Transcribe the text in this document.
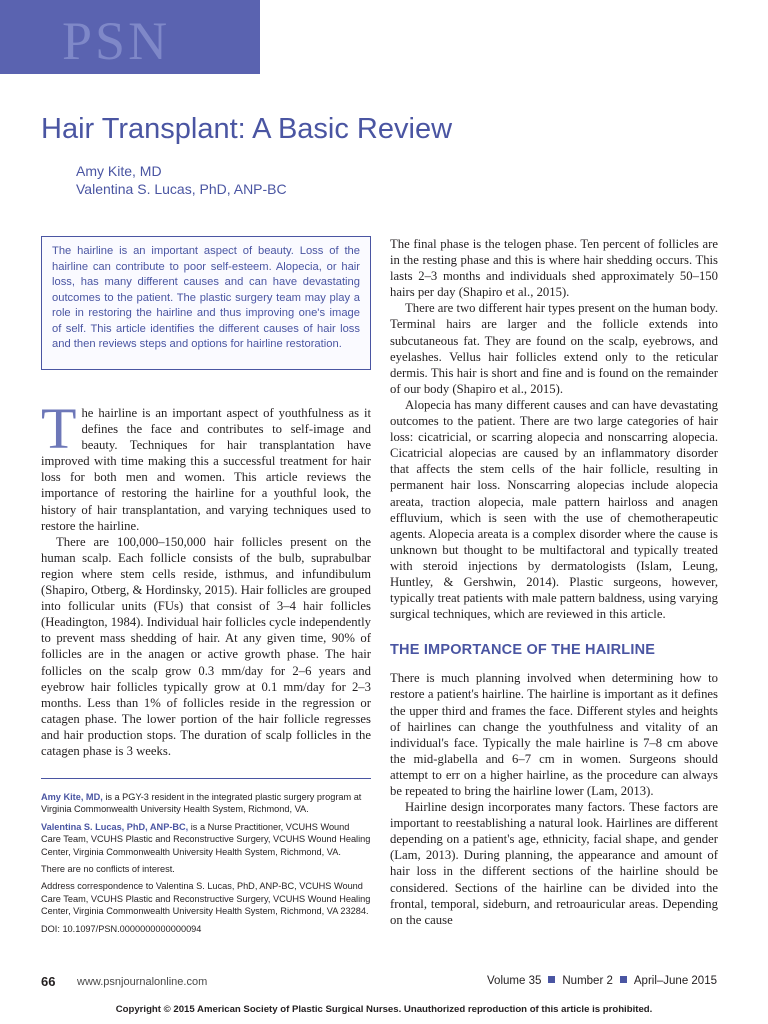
PSN
Hair Transplant: A Basic Review
Amy Kite, MD
Valentina S. Lucas, PhD, ANP-BC
The hairline is an important aspect of beauty. Loss of the hairline can contribute to poor self-esteem. Alopecia, or hair loss, has many different causes and can have devastating outcomes to the patient. The plastic surgery team may play a role in restoring the hairline and thus improving one's image of self. This article identifies the different causes of hair loss and then reviews steps and options for hairline restoration.

The hairline is an important aspect of youthfulness as it defines the face and contributes to self-image and beauty. Techniques for hair transplantation have improved with time making this a successful treatment for hair loss for both men and women. This article reviews the importance of restoring the hairline for a youthful look, the history of hair transplantation, and varying techniques used to restore the hairline.

There are 100,000–150,000 hair follicles present on the human scalp. Each follicle consists of the bulb, suprabulbar region where stem cells reside, isthmus, and infundibulum (Shapiro, Otberg, & Hordinsky, 2015). Hair follicles are grouped into follicular units (FUs) that consist of 3–4 hair follicles (Headington, 1984). Individual hair follicles cycle independently to prevent mass shedding of hair. At any given time, 90% of follicles are in the anagen or active growth phase. The hair follicles on the scalp grow 0.3 mm/day for 2–6 years and eyebrow hair follicles typically grow at 0.1 mm/day for 2–3 months. Less than 1% of follicles reside in the regression or catagen phase. The lower portion of the hair follicle regresses and hair production stops. The duration of scalp follicles in the catagen phase is 3 weeks.

Amy Kite, MD, is a PGY-3 resident in the integrated plastic surgery program at Virginia Commonwealth University Health System, Richmond, VA.

Valentina S. Lucas, PhD, ANP-BC, is a Nurse Practitioner, VCUHS Wound Care Team, VCUHS Plastic and Reconstructive Surgery, VCUHS Wound Healing Center, Virginia Commonwealth University Health System, Richmond, VA.

There are no conflicts of interest.

Address correspondence to Valentina S. Lucas, PhD, ANP-BC, VCUHS Wound Care Team, VCUHS Plastic and Reconstructive Surgery, VCUHS Wound Healing Center, Virginia Commonwealth University Health System, Richmond, VA 23284.

DOI: 10.1097/PSN.0000000000000094

The final phase is the telogen phase. Ten percent of follicles are in the resting phase and this is where hair shedding occurs. This lasts 2–3 months and individuals shed approximately 50–150 hairs per day (Shapiro et al., 2015).

There are two different hair types present on the human body. Terminal hairs are larger and the follicle extends into subcutaneous fat. They are found on the scalp, eyebrows, and eyelashes. Vellus hair follicles extend only to the reticular dermis. This hair is short and fine and is found on the remainder of our body (Shapiro et al., 2015).

Alopecia has many different causes and can have devastating outcomes to the patient. There are two large categories of hair loss: cicatricial, or scarring alopecia and nonscarring alopecia. Cicatricial alopecias are caused by an inflammatory disorder that affects the stem cells of the hair follicle, resulting in permanent hair loss. Nonscarring alopecias include alopecia areata, traction alopecia, male pattern hairloss and anagen effluvium, which is seen with the use of chemotherapeutic agents. Alopecia areata is a complex disorder where the cause is unknown but thought to be multifactoral and typically treated with steroid injections by dermatologists (Islam, Leung, Huntley, & Gershwin, 2014). Plastic surgeons, however, typically treat patients with male pattern baldness, using varying surgical techniques, which are reviewed in this article.

THE IMPORTANCE OF THE HAIRLINE

There is much planning involved when determining how to restore a patient's hairline. The hairline is important as it defines the upper third and frames the face. Different styles and heights of hairlines can change the youthfulness and vitality of an individual's face. Typically the male hairline is 7–8 cm above the mid-glabella and 6–7 cm in women. Surgeons should attempt to err on a higher hairline, as the procedure can always be repeated to bring the hairline lower (Lam, 2013).

Hairline design incorporates many factors. These factors are important to reestablishing a natural look. Hairlines are different depending on a patient's age, ethnicity, facial shape, and gender (Lam, 2013). During planning, the appearance and amount of hair loss in the different sections of the hairline should be considered. Sections of the hairline can be divided into the frontal, temporal, sideburn, and retroauricular areas. Depending on the cause

66 www.psnjournalonline.com	Volume 35 Number 2 April–June 2015
Copyright © 2015 American Society of Plastic Surgical Nurses. Unauthorized reproduction of this article is prohibited.
